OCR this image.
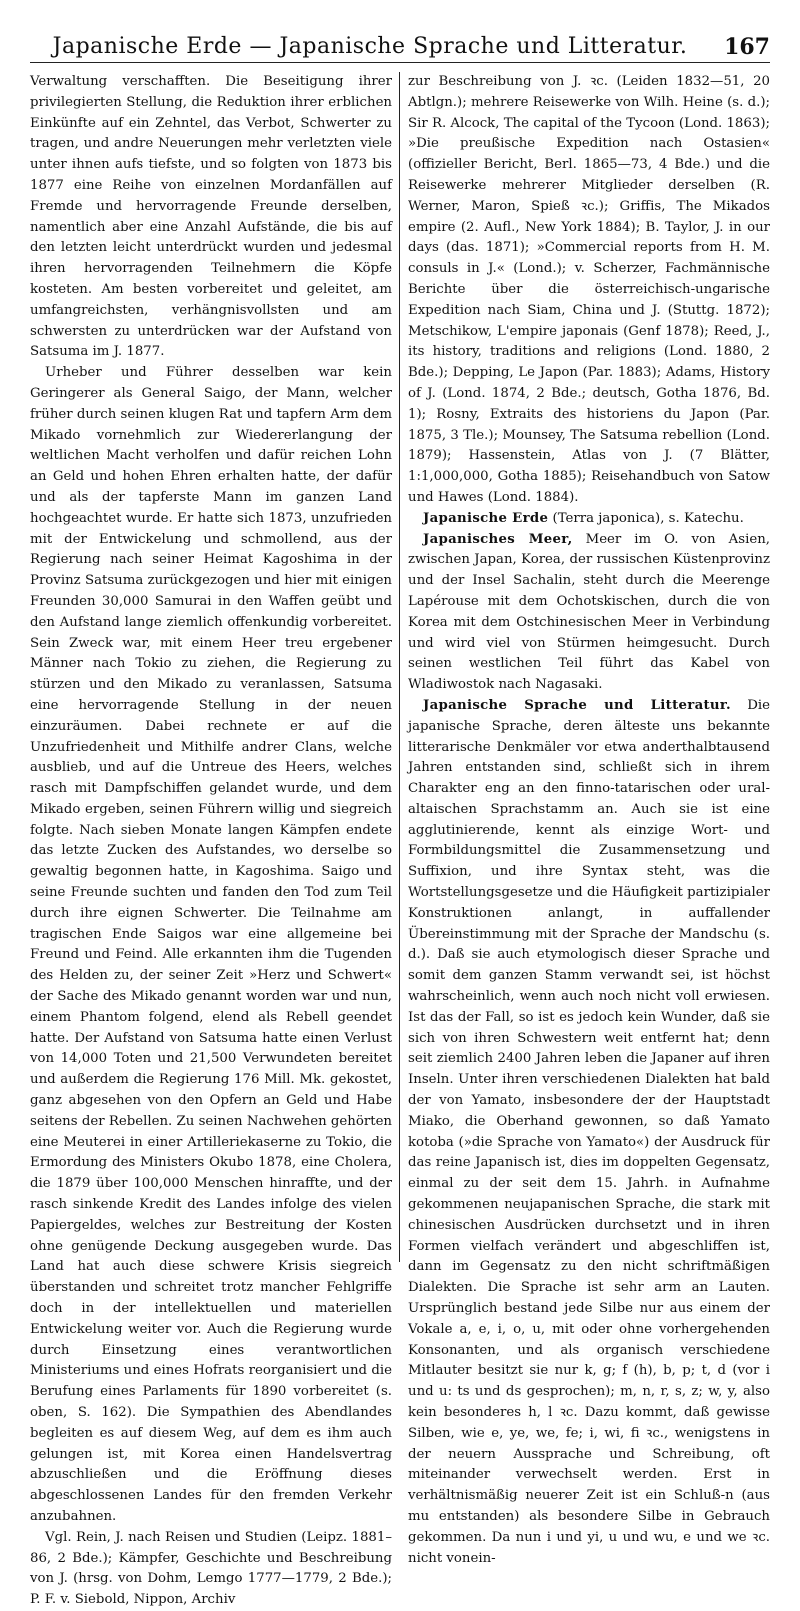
Japanische Erde — Japanische Sprache und Litteratur.	167

Verwaltung verschafften. Die Beseitigung ihrer privilegierten Stellung, die Reduktion ihrer erblichen Einkünfte auf ein Zehntel, das Verbot, Schwerter zu tragen, und andre Neuerungen mehr verletzten viele unter ihnen aufs tiefste, und so folgten von 1873 bis 1877 eine Reihe von einzelnen Mordanfällen auf Fremde und hervorragende Freunde derselben, namentlich aber eine Anzahl Aufstände, die bis auf den letzten leicht unterdrückt wurden und jedesmal ihren hervorragenden Teilnehmern die Köpfe kosteten. Am besten vorbereitet und geleitet, am umfangreichsten, verhängnisvollsten und am schwersten zu unterdrücken war der Aufstand von Satsuma im J. 1877.

Urheber und Führer desselben war kein Geringerer als General Saigo, der Mann, welcher früher durch seinen klugen Rat und tapfern Arm dem Mikado vornehmlich zur Wiedererlangung der weltlichen Macht verholfen und dafür reichen Lohn an Geld und hohen Ehren erhalten hatte, der dafür und als der tapferste Mann im ganzen Land hochgeachtet wurde. Er hatte sich 1873, unzufrieden mit der Entwickelung und schmollend, aus der Regierung nach seiner Heimat Kagoshima in der Provinz Satsuma zurückgezogen und hier mit einigen Freunden 30,000 Samurai in den Waffen geübt und den Aufstand lange ziemlich offenkundig vorbereitet. Sein Zweck war, mit einem Heer treu ergebener Männer nach Tokio zu ziehen, die Regierung zu stürzen und den Mikado zu veranlassen, Satsuma eine hervorragende Stellung in der neuen einzuräumen. Dabei rechnete er auf die Unzufriedenheit und Mithilfe andrer Clans, welche ausblieb, und auf die Untreue des Heers, welches rasch mit Dampfschiffen gelandet wurde, und dem Mikado ergeben, seinen Führern willig und siegreich folgte. Nach sieben Monate langen Kämpfen endete das letzte Zucken des Aufstandes, wo derselbe so gewaltig begonnen hatte, in Kagoshima. Saigo und seine Freunde suchten und fanden den Tod zum Teil durch ihre eignen Schwerter. Die Teilnahme am tragischen Ende Saigos war eine allgemeine bei Freund und Feind. Alle erkannten ihm die Tugenden des Helden zu, der seiner Zeit »Herz und Schwert« der Sache des Mikado genannt worden war und nun, einem Phantom folgend, elend als Rebell geendet hatte. Der Aufstand von Satsuma hatte einen Verlust von 14,000 Toten und 21,500 Verwundeten bereitet und außerdem die Regierung 176 Mill. Mk. gekostet, ganz abgesehen von den Opfern an Geld und Habe seitens der Rebellen. Zu seinen Nachwehen gehörten eine Meuterei in einer Artilleriekaserne zu Tokio, die Ermordung des Ministers Okubo 1878, eine Cholera, die 1879 über 100,000 Menschen hinraffte, und der rasch sinkende Kredit des Landes infolge des vielen Papiergeldes, welches zur Bestreitung der Kosten ohne genügende Deckung ausgegeben wurde. Das Land hat auch diese schwere Krisis siegreich überstanden und schreitet trotz mancher Fehlgriffe doch in der intellektuellen und materiellen Entwickelung weiter vor. Auch die Regierung wurde durch Einsetzung eines verantwortlichen Ministeriums und eines Hofrats reorganisiert und die Berufung eines Parlaments für 1890 vorbereitet (s. oben, S. 162). Die Sympathien des Abendlandes begleiten es auf diesem Weg, auf dem es ihm auch gelungen ist, mit Korea einen Handelsvertrag abzuschließen und die Eröffnung dieses abgeschlossenen Landes für den fremden Verkehr anzubahnen.

Vgl. Rein, J. nach Reisen und Studien (Leipz. 1881–86, 2 Bde.); Kämpfer, Geschichte und Beschreibung von J. (hrsg. von Dohm, Lemgo 1777—1779, 2 Bde.); P. F. v. Siebold, Nippon, Archiv

zur Beschreibung von J. ꝛc. (Leiden 1832—51, 20 Abtlgn.); mehrere Reisewerke von Wilh. Heine (s. d.); Sir R. Alcock, The capital of the Tycoon (Lond. 1863); »Die preußische Expedition nach Ostasien« (offizieller Bericht, Berl. 1865—73, 4 Bde.) und die Reisewerke mehrerer Mitglieder derselben (R. Werner, Maron, Spieß ꝛc.); Griffis, The Mikados empire (2. Aufl., New York 1884); B. Taylor, J. in our days (das. 1871); »Commercial reports from H. M. consuls in J.« (Lond.); v. Scherzer, Fachmännische Berichte über die österreichisch-ungarische Expedition nach Siam, China und J. (Stuttg. 1872); Metschikow, L'empire japonais (Genf 1878); Reed, J., its history, traditions and religions (Lond. 1880, 2 Bde.); Depping, Le Japon (Par. 1883); Adams, History of J. (Lond. 1874, 2 Bde.; deutsch, Gotha 1876, Bd. 1); Rosny, Extraits des historiens du Japon (Par. 1875, 3 Tle.); Mounsey, The Satsuma rebellion (Lond. 1879); Hassenstein, Atlas von J. (7 Blätter, 1:1,000,000, Gotha 1885); Reisehandbuch von Satow und Hawes (Lond. 1884).

Japanische Erde (Terra japonica), s. Katechu.

Japanisches Meer, Meer im O. von Asien, zwischen Japan, Korea, der russischen Küstenprovinz und der Insel Sachalin, steht durch die Meerenge Lapérouse mit dem Ochotskischen, durch die von Korea mit dem Ostchinesischen Meer in Verbindung und wird viel von Stürmen heimgesucht. Durch seinen westlichen Teil führt das Kabel von Wladiwostok nach Nagasaki.

Japanische Sprache und Litteratur. Die japanische Sprache, deren älteste uns bekannte litterarische Denkmäler vor etwa anderthalbtausend Jahren entstanden sind, schließt sich in ihrem Charakter eng an den finno-tatarischen oder ural-altaischen Sprachstamm an. Auch sie ist eine agglutinierende, kennt als einzige Wort- und Formbildungsmittel die Zusammensetzung und Suffixion, und ihre Syntax steht, was die Wortstellungsgesetze und die Häufigkeit partizipialer Konstruktionen anlangt, in auffallender Übereinstimmung mit der Sprache der Mandschu (s. d.). Daß sie auch etymologisch dieser Sprache und somit dem ganzen Stamm verwandt sei, ist höchst wahrscheinlich, wenn auch noch nicht voll erwiesen. Ist das der Fall, so ist es jedoch kein Wunder, daß sie sich von ihren Schwestern weit entfernt hat; denn seit ziemlich 2400 Jahren leben die Japaner auf ihren Inseln. Unter ihren verschiedenen Dialekten hat bald der von Yamato, insbesondere der der Hauptstadt Miako, die Oberhand gewonnen, so daß Yamato kotoba (»die Sprache von Yamato«) der Ausdruck für das reine Japanisch ist, dies im doppelten Gegensatz, einmal zu der seit dem 15. Jahrh. in Aufnahme gekommenen neujapanischen Sprache, die stark mit chinesischen Ausdrücken durchsetzt und in ihren Formen vielfach verändert und abgeschliffen ist, dann im Gegensatz zu den nicht schriftmäßigen Dialekten. Die Sprache ist sehr arm an Lauten. Ursprünglich bestand jede Silbe nur aus einem der Vokale a, e, i, o, u, mit oder ohne vorhergehenden Konsonanten, und als organisch verschiedene Mitlauter besitzt sie nur k, g; f (h), b, p; t, d (vor i und u: ts und ds gesprochen); m, n, r, s, z; w, y, also kein besonderes h, l ꝛc. Dazu kommt, daß gewisse Silben, wie e, ye, we, fe; i, wi, fi ꝛc., wenigstens in der neuern Aussprache und Schreibung, oft miteinander verwechselt werden. Erst in verhältnismäßig neuerer Zeit ist ein Schluß-n (aus mu entstanden) als besondere Silbe in Gebrauch gekommen. Da nun i und yi, u und wu, e und we ꝛc. nicht vonein-
